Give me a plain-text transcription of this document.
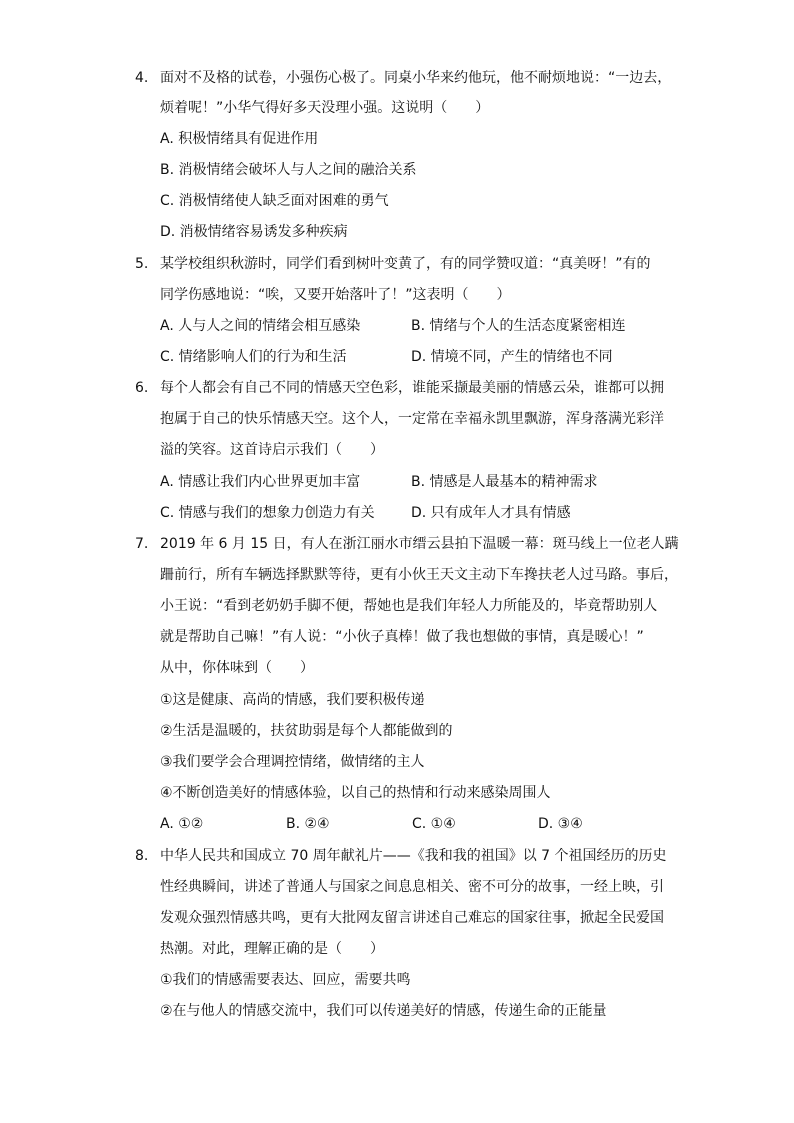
4. 面对不及格的试卷，小强伤心极了。同桌小华来约他玩，他不耐烦地说：“一边去，
烦着呢！”小华气得好多天没理小强。这说明（　　）
A. 积极情绪具有促进作用
B. 消极情绪会破坏人与人之间的融洽关系
C. 消极情绪使人缺乏面对困难的勇气
D. 消极情绪容易诱发多种疾病
5. 某学校组织秋游时，同学们看到树叶变黄了，有的同学赞叹道：“真美呀！”有的
同学伤感地说：“唉，又要开始落叶了！”这表明（　　）
A. 人与人之间的情绪会相互感染	B. 情绪与个人的生活态度紧密相连
C. 情绪影响人们的行为和生活	D. 情境不同，产生的情绪也不同
6. 每个人都会有自己不同的情感天空色彩，谁能采撷最美丽的情感云朵，谁都可以拥
抱属于自己的快乐情感天空。这个人，一定常在幸福永凯里飘游，浑身落满光彩洋
溢的笑容。这首诗启示我们（　　）
A. 情感让我们内心世界更加丰富	B. 情感是人最基本的精神需求
C. 情感与我们的想象力创造力有关	D. 只有成年人才具有情感
7. 2019 年 6 月 15 日，有人在浙江丽水市缙云县拍下温暖一幕：斑马线上一位老人蹒
跚前行，所有车辆选择默默等待，更有小伙王天文主动下车搀扶老人过马路。事后，
小王说：“看到老奶奶手脚不便，帮她也是我们年轻人力所能及的，毕竟帮助别人
就是帮助自己嘛！”有人说：“小伙子真棒！做了我也想做的事情，真是暖心！”
从中，你体味到（　　）
①这是健康、高尚的情感，我们要积极传递
②生活是温暖的，扶贫助弱是每个人都能做到的
③我们要学会合理调控情绪，做情绪的主人
④不断创造美好的情感体验，以自己的热情和行动来感染周围人
A. ①②	B. ②④	C. ①④	D. ③④
8. 中华人民共和国成立 70 周年献礼片——《我和我的祖国》以 7 个祖国经历的历史
性经典瞬间，讲述了普通人与国家之间息息相关、密不可分的故事，一经上映，引
发观众强烈情感共鸣，更有大批网友留言讲述自己难忘的国家往事，掀起全民爱国
热潮。对此，理解正确的是（　　）
①我们的情感需要表达、回应，需要共鸣
②在与他人的情感交流中，我们可以传递美好的情感，传递生命的正能量
